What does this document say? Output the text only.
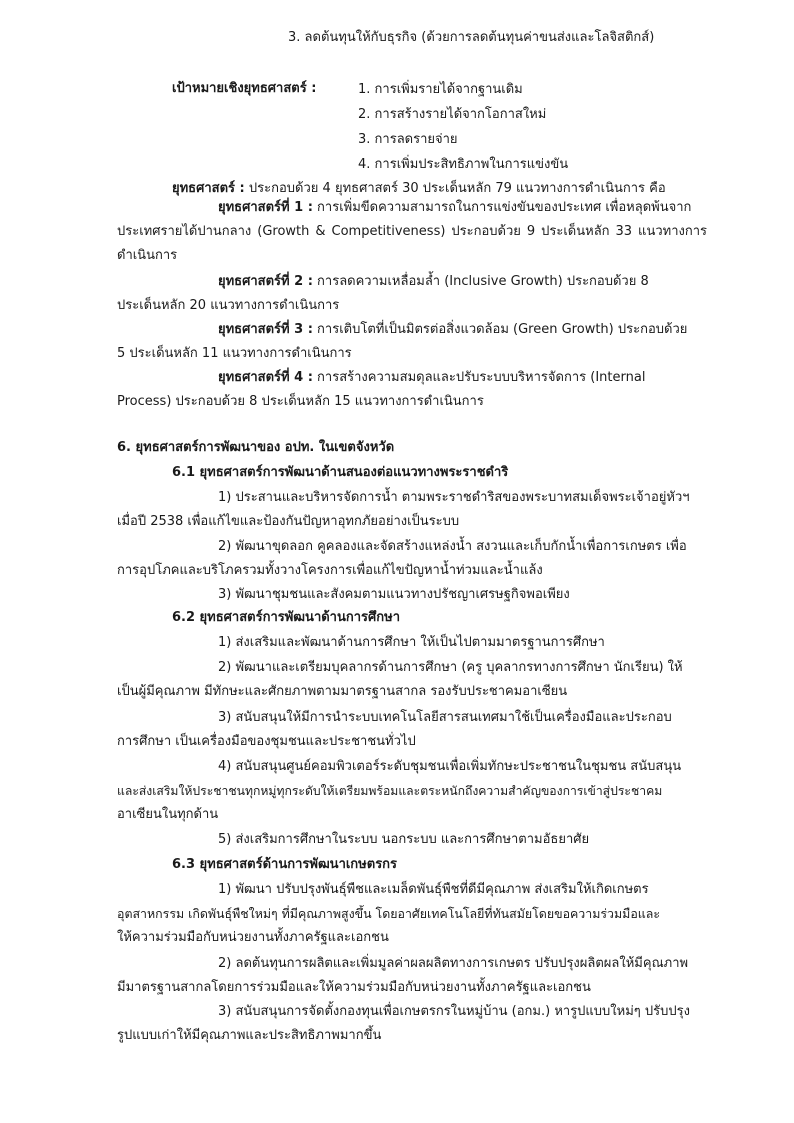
3. ลดต้นทุนให้กับธุรกิจ (ด้วยการลดต้นทุนค่าขนส่งและโลจิสติกส์)
เป้าหมายเชิงยุทธศาสตร์ :	1. การเพิ่มรายได้จากฐานเดิม
2. การสร้างรายได้จากโอกาสใหม่
3. การลดรายจ่าย
4. การเพิ่มประสิทธิภาพในการแข่งขัน
ยุทธศาสตร์ : ประกอบด้วย 4 ยุทธศาสตร์ 30 ประเด็นหลัก 79 แนวทางการดำเนินการ คือ
ยุทธศาสตร์ที่ 1 : การเพิ่มขีดความสามารถในการแข่งขันของประเทศ เพื่อหลุดพ้นจาก
ประเทศรายได้ปานกลาง (Growth & Competitiveness) ประกอบด้วย 9 ประเด็นหลัก 33 แนวทางการ
ดำเนินการ
ยุทธศาสตร์ที่ 2 : การลดความเหลื่อมล้ำ (Inclusive Growth) ประกอบด้วย 8
ประเด็นหลัก 20 แนวทางการดำเนินการ
ยุทธศาสตร์ที่ 3 : การเติบโตที่เป็นมิตรต่อสิ่งแวดล้อม (Green Growth) ประกอบด้วย
5 ประเด็นหลัก 11 แนวทางการดำเนินการ
ยุทธศาสตร์ที่ 4 : การสร้างความสมดุลและปรับระบบบริหารจัดการ (Internal
Process) ประกอบด้วย 8 ประเด็นหลัก 15 แนวทางการดำเนินการ
6. ยุทธศาสตร์การพัฒนาของ อปท. ในเขตจังหวัด
6.1 ยุทธศาสตร์การพัฒนาด้านสนองต่อแนวทางพระราชดำริ
1) ประสานและบริหารจัดการน้ำ ตามพระราชดำริสของพระบาทสมเด็จพระเจ้าอยู่หัวฯ
เมื่อปี 2538 เพื่อแก้ไขและป้องกันปัญหาอุทกภัยอย่างเป็นระบบ
2) พัฒนาขุดลอก คูคลองและจัดสร้างแหล่งน้ำ สงวนและเก็บกักน้ำเพื่อการเกษตร เพื่อ
การอุปโภคและบริโภครวมทั้งวางโครงการเพื่อแก้ไขปัญหาน้ำท่วมและน้ำแล้ง
3) พัฒนาชุมชนและสังคมตามแนวทางปรัชญาเศรษฐกิจพอเพียง
6.2 ยุทธศาสตร์การพัฒนาด้านการศึกษา
1) ส่งเสริมและพัฒนาด้านการศึกษา ให้เป็นไปตามมาตรฐานการศึกษา
2) พัฒนาและเตรียมบุคลากรด้านการศึกษา (ครู บุคลากรทางการศึกษา นักเรียน) ให้
เป็นผู้มีคุณภาพ มีทักษะและศักยภาพตามมาตรฐานสากล รองรับประชาคมอาเซียน
3) สนับสนุนให้มีการนำระบบเทคโนโลยีสารสนเทศมาใช้เป็นเครื่องมือและประกอบ
การศึกษา เป็นเครื่องมือของชุมชนและประชาชนทั่วไป
4) สนับสนุนศูนย์คอมพิวเตอร์ระดับชุมชนเพื่อเพิ่มทักษะประชาชนในชุมชน สนับสนุน
และส่งเสริมให้ประชาชนทุกหมู่ทุกระดับให้เตรียมพร้อมและตระหนักถึงความสำคัญของการเข้าสู่ประชาคม
อาเซียนในทุกด้าน
5) ส่งเสริมการศึกษาในระบบ นอกระบบ และการศึกษาตามอัธยาศัย
6.3 ยุทธศาสตร์ด้านการพัฒนาเกษตรกร
1) พัฒนา ปรับปรุงพันธุ์พืชและเมล็ดพันธุ์พืชที่ดีมีคุณภาพ ส่งเสริมให้เกิดเกษตร
อุตสาหกรรม เกิดพันธุ์พืชใหม่ๆ ที่มีคุณภาพสูงขึ้น โดยอาศัยเทคโนโลยีที่ทันสมัยโดยขอความร่วมมือและ
ให้ความร่วมมือกับหน่วยงานทั้งภาครัฐและเอกชน
2) ลดต้นทุนการผลิตและเพิ่มมูลค่าผลผลิตทางการเกษตร ปรับปรุงผลิตผลให้มีคุณภาพ
มีมาตรฐานสากลโดยการร่วมมือและให้ความร่วมมือกับหน่วยงานทั้งภาครัฐและเอกชน
3) สนับสนุนการจัดตั้งกองทุนเพื่อเกษตรกรในหมู่บ้าน (อกม.) หารูปแบบใหม่ๆ ปรับปรุง
รูปแบบเก่าให้มีคุณภาพและประสิทธิภาพมากขึ้น
